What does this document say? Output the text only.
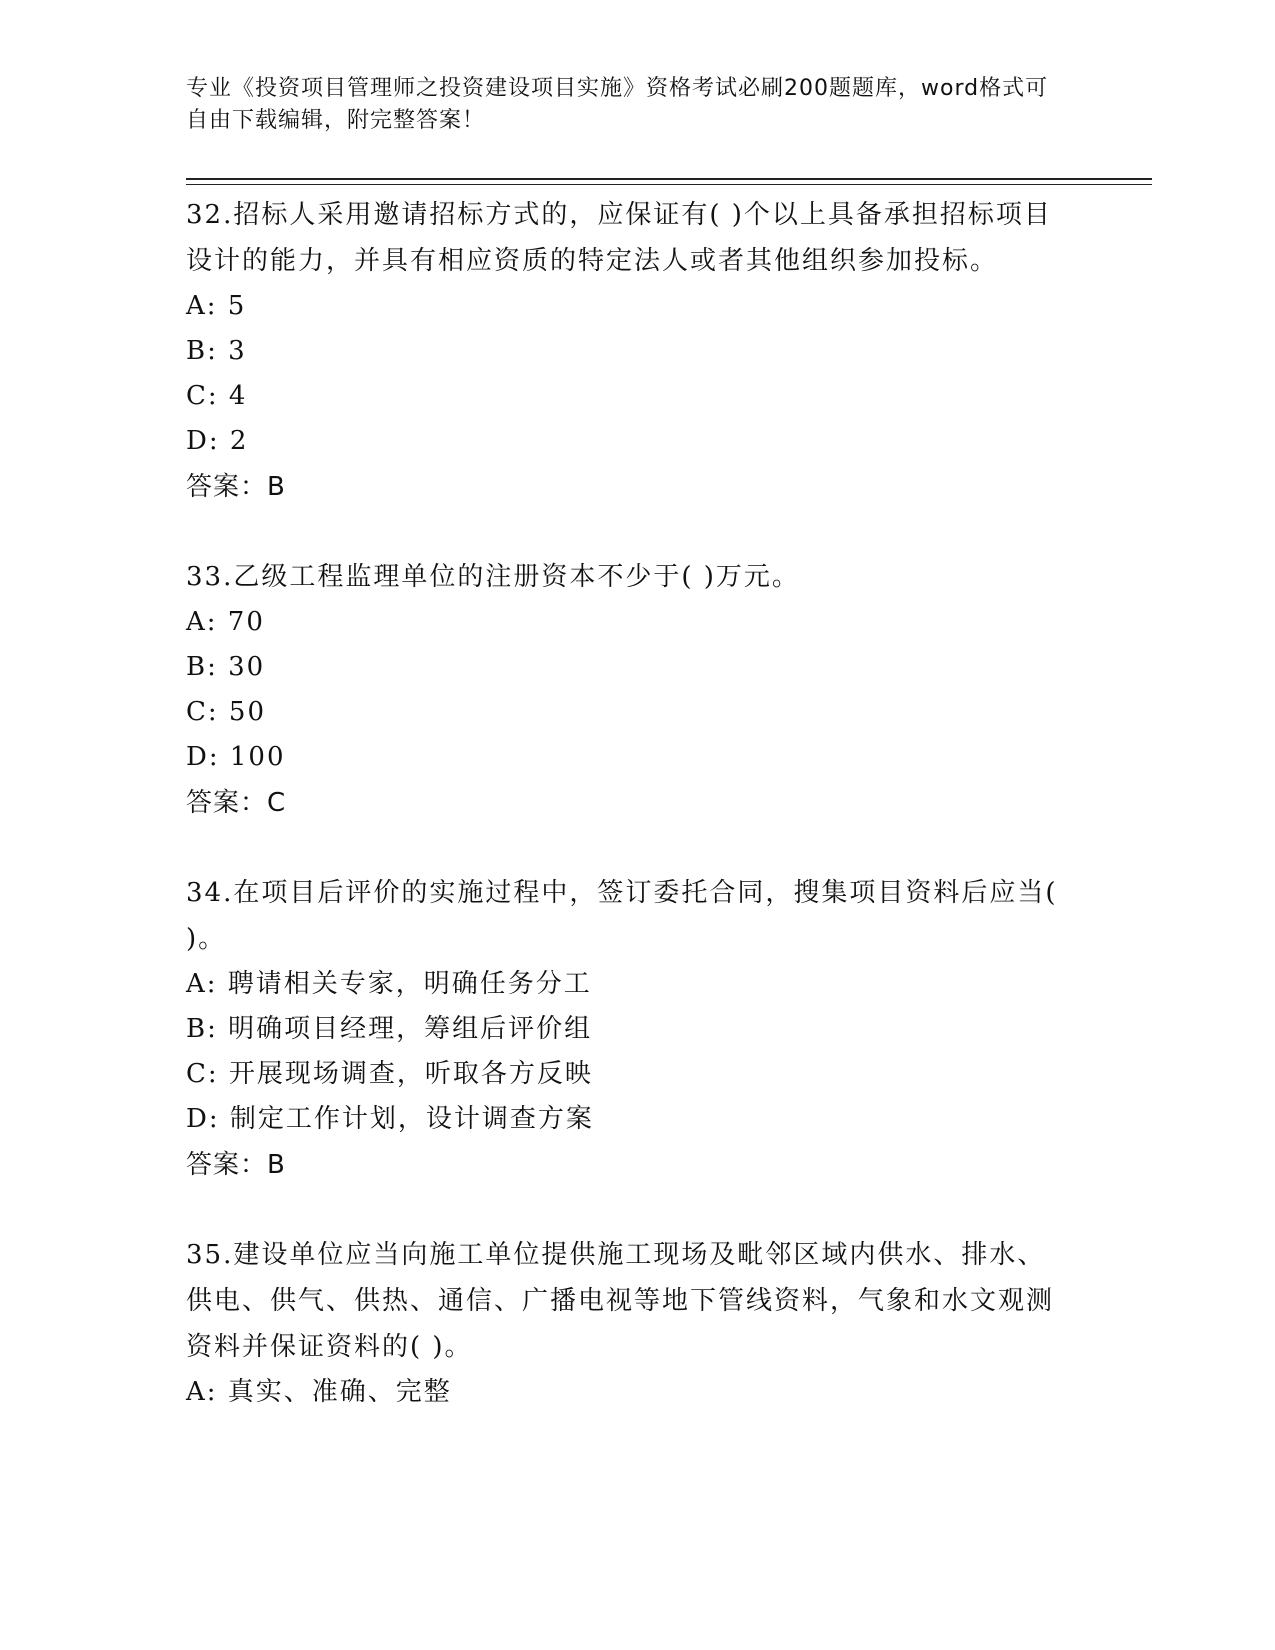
专业《投资项目管理师之投资建设项目实施》资格考试必刷200题题库，word格式可自由下载编辑，附完整答案！
32.招标人采用邀请招标方式的，应保证有( )个以上具备承担招标项目设计的能力，并具有相应资质的特定法人或者其他组织参加投标。
A: 5
B: 3
C: 4
D: 2
答案：B
33.乙级工程监理单位的注册资本不少于( )万元。
A: 70
B: 30
C: 50
D: 100
答案：C
34.在项目后评价的实施过程中，签订委托合同，搜集项目资料后应当( )。
A: 聘请相关专家，明确任务分工
B: 明确项目经理，筹组后评价组
C: 开展现场调查，听取各方反映
D: 制定工作计划，设计调查方案
答案：B
35.建设单位应当向施工单位提供施工现场及毗邻区域内供水、排水、供电、供气、供热、通信、广播电视等地下管线资料，气象和水文观测资料并保证资料的( )。
A: 真实、准确、完整
